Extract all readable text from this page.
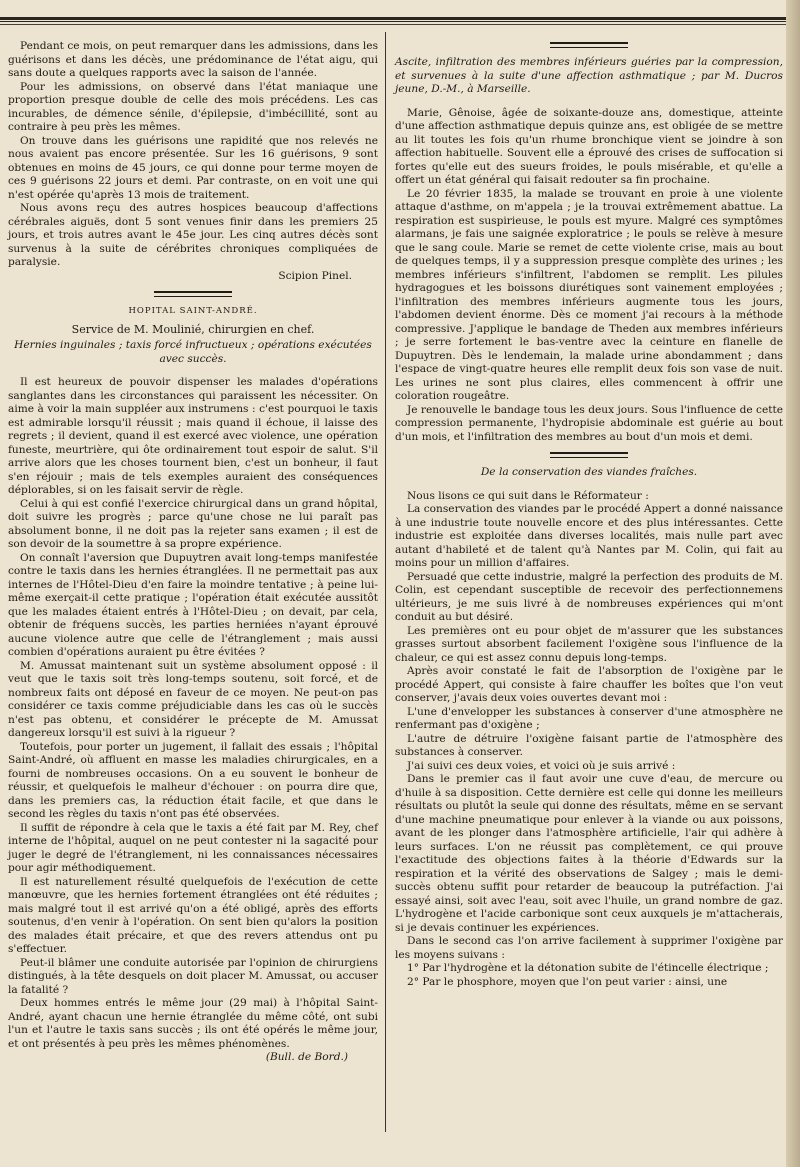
Pendant ce mois, on peut remarquer dans les admissions, dans les guérisons et dans les décès, une prédominance de l'état aigu, qui sans doute a quelques rapports avec la saison de l'année.

Pour les admissions, on observé dans l'état maniaque une proportion presque double de celle des mois précédens. Les cas incurables, de démence sénile, d'épilepsie, d'imbécillité, sont au contraire à peu près les mêmes.

On trouve dans les guérisons une rapidité que nos relevés ne nous avaient pas encore présentée. Sur les 16 guérisons, 9 sont obtenues en moins de 45 jours, ce qui donne pour terme moyen de ces 9 guérisons 22 jours et demi. Par contraste, on en voit une qui n'est opérée qu'après 13 mois de traitement.

Nous avons reçu des autres hospices beaucoup d'affections cérébrales aiguës, dont 5 sont venues finir dans les premiers 25 jours, et trois autres avant le 45e jour. Les cinq autres décès sont survenus à la suite de cérébrites chroniques compliquées de paralysie.

Scipion Pinel.

HOPITAL SAINT-ANDRÉ.

Service de M. Moulinié, chirurgien en chef.

Hernies inguinales ; taxis forcé infructueux ; opérations exécutées avec succès.

Il est heureux de pouvoir dispenser les malades d'opérations sanglantes dans les circonstances qui paraissent les nécessiter. On aime à voir la main suppléer aux instrumens : c'est pourquoi le taxis est admirable lorsqu'il réussit ; mais quand il échoue, il laisse des regrets ; il devient, quand il est exercé avec violence, une opération funeste, meurtrière, qui ôte ordinairement tout espoir de salut. S'il arrive alors que les choses tournent bien, c'est un bonheur, il faut s'en réjouir ; mais de tels exemples auraient des conséquences déplorables, si on les faisait servir de règle.

Celui à qui est confié l'exercice chirurgical dans un grand hôpital, doit suivre les progrès ; parce qu'une chose ne lui paraît pas absolument bonne, il ne doit pas la rejeter sans examen ; il est de son devoir de la soumettre à sa propre expérience.

On connaît l'aversion que Dupuytren avait long-temps manifestée contre le taxis dans les hernies étranglées. Il ne permettait pas aux internes de l'Hôtel-Dieu d'en faire la moindre tentative ; à peine lui-même exerçait-il cette pratique ; l'opération était exécutée aussitôt que les malades étaient entrés à l'Hôtel-Dieu ; on devait, par cela, obtenir de fréquens succès, les parties herniées n'ayant éprouvé aucune violence autre que celle de l'étranglement ; mais aussi combien d'opérations auraient pu être évitées ?

M. Amussat maintenant suit un système absolument opposé : il veut que le taxis soit très long-temps soutenu, soit forcé, et de nombreux faits ont déposé en faveur de ce moyen. Ne peut-on pas considérer ce taxis comme préjudiciable dans les cas où le succès n'est pas obtenu, et considérer le précepte de M. Amussat dangereux lorsqu'il est suivi à la rigueur ?

Toutefois, pour porter un jugement, il fallait des essais ; l'hôpital Saint-André, où affluent en masse les maladies chirurgicales, en a fourni de nombreuses occasions. On a eu souvent le bonheur de réussir, et quelquefois le malheur d'échouer : on pourra dire que, dans les premiers cas, la réduction était facile, et que dans le second les règles du taxis n'ont pas été observées.

Il suffit de répondre à cela que le taxis a été fait par M. Rey, chef interne de l'hôpital, auquel on ne peut contester ni la sagacité pour juger le degré de l'étranglement, ni les connaissances nécessaires pour agir méthodiquement.

Il est naturellement résulté quelquefois de l'exécution de cette manœuvre, que les hernies fortement étranglées ont été réduites ; mais malgré tout il est arrivé qu'on a été obligé, après des efforts soutenus, d'en venir à l'opération. On sent bien qu'alors la position des malades était précaire, et que des revers attendus ont pu s'effectuer.

Peut-il blâmer une conduite autorisée par l'opinion de chirurgiens distingués, à la tête desquels on doit placer M. Amussat, ou accuser la fatalité ?

Deux hommes entrés le même jour (29 mai) à l'hôpital Saint-André, ayant chacun une hernie étranglée du même côté, ont subi l'un et l'autre le taxis sans succès ; ils ont été opérés le même jour, et ont présentés à peu près les mêmes phénomènes.

(Bull. de Bord.)

Ascite, infiltration des membres inférieurs guéries par la compression, et survenues à la suite d'une affection asthmatique ; par M. Ducros jeune, D.-M., à Marseille.

Marie, Gênoise, âgée de soixante-douze ans, domestique, atteinte d'une affection asthmatique depuis quinze ans, est obligée de se mettre au lit toutes les fois qu'un rhume bronchique vient se joindre à son affection habituelle. Souvent elle a éprouvé des crises de suffocation si fortes qu'elle eut des sueurs froides, le pouls misérable, et qu'elle a offert un état général qui faisait redouter sa fin prochaine.

Le 20 février 1835, la malade se trouvant en proie à une violente attaque d'asthme, on m'appela ; je la trouvai extrêmement abattue. La respiration est suspirieuse, le pouls est myure. Malgré ces symptômes alarmans, je fais une saignée exploratrice ; le pouls se relève à mesure que le sang coule. Marie se remet de cette violente crise, mais au bout de quelques temps, il y a suppression presque complète des urines ; les membres inférieurs s'infiltrent, l'abdomen se remplit. Les pilules hydragogues et les boissons diurétiques sont vainement employées ; l'infiltration des membres inférieurs augmente tous les jours, l'abdomen devient énorme. Dès ce moment j'ai recours à la méthode compressive. J'applique le bandage de Theden aux membres inférieurs ; je serre fortement le bas-ventre avec la ceinture en flanelle de Dupuytren. Dès le lendemain, la malade urine abondamment ; dans l'espace de vingt-quatre heures elle remplit deux fois son vase de nuit. Les urines ne sont plus claires, elles commencent à offrir une coloration rougeâtre.

Je renouvelle le bandage tous les deux jours. Sous l'influence de cette compression permanente, l'hydropisie abdominale est guérie au bout d'un mois, et l'infiltration des membres au bout d'un mois et demi.

De la conservation des viandes fraîches.

Nous lisons ce qui suit dans le Réformateur :

La conservation des viandes par le procédé Appert a donné naissance à une industrie toute nouvelle encore et des plus intéressantes. Cette industrie est exploitée dans diverses localités, mais nulle part avec autant d'habileté et de talent qu'à Nantes par M. Colin, qui fait au moins pour un million d'affaires.

Persuadé que cette industrie, malgré la perfection des produits de M. Colin, est cependant susceptible de recevoir des perfectionnemens ultérieurs, je me suis livré à de nombreuses expériences qui m'ont conduit au but désiré.

Les premières ont eu pour objet de m'assurer que les substances grasses surtout absorbent facilement l'oxigène sous l'influence de la chaleur, ce qui est assez connu depuis long-temps.

Après avoir constaté le fait de l'absorption de l'oxigène par le procédé Appert, qui consiste à faire chauffer les boîtes que l'on veut conserver, j'avais deux voies ouvertes devant moi :

L'une d'envelopper les substances à conserver d'une atmosphère ne renfermant pas d'oxigène ;

L'autre de détruire l'oxigène faisant partie de l'atmosphère des substances à conserver.

J'ai suivi ces deux voies, et voici où je suis arrivé :

Dans le premier cas il faut avoir une cuve d'eau, de mercure ou d'huile à sa disposition. Cette dernière est celle qui donne les meilleurs résultats ou plutôt la seule qui donne des résultats, même en se servant d'une machine pneumatique pour enlever à la viande ou aux poissons, avant de les plonger dans l'atmosphère artificielle, l'air qui adhère à leurs surfaces. L'on ne réussit pas complètement, ce qui prouve l'exactitude des objections faites à la théorie d'Edwards sur la respiration et la vérité des observations de Salgey ; mais le demi-succès obtenu suffit pour retarder de beaucoup la putréfaction. J'ai essayé ainsi, soit avec l'eau, soit avec l'huile, un grand nombre de gaz. L'hydrogène et l'acide carbonique sont ceux auxquels je m'attacherais, si je devais continuer les expériences.

Dans le second cas l'on arrive facilement à supprimer l'oxigène par les moyens suivans :

1° Par l'hydrogène et la détonation subite de l'étincelle électrique ;

2° Par le phosphore, moyen que l'on peut varier : ainsi, une
